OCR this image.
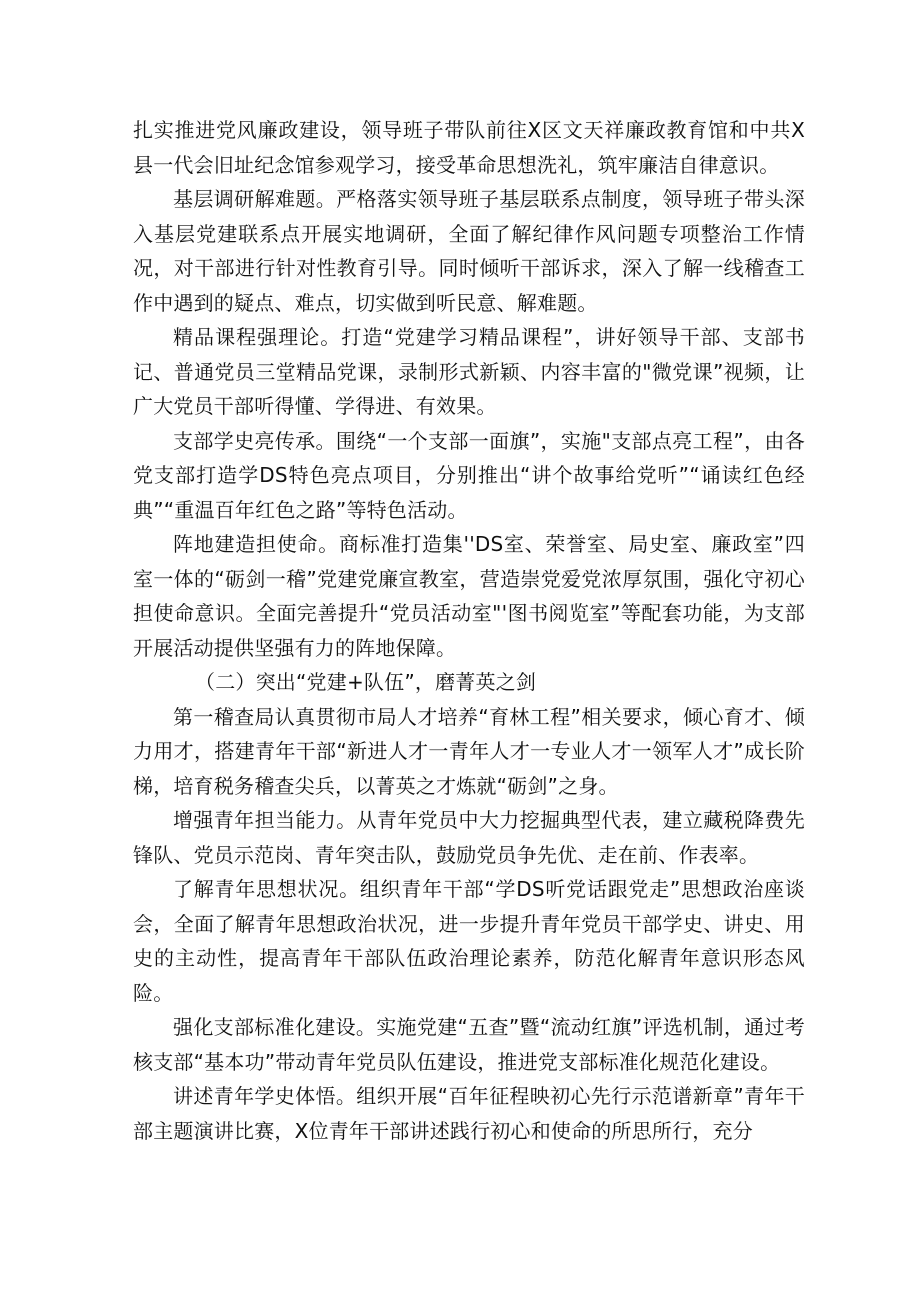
扎实推进党风廉政建设，领导班子带队前往X区文天祥廉政教育馆和中共X县一代会旧址纪念馆参观学习，接受革命思想洗礼，筑牢廉洁自律意识。

基层调研解难题。严格落实领导班子基层联系点制度，领导班子带头深入基层党建联系点开展实地调研，全面了解纪律作风问题专项整治工作情况，对干部进行针对性教育引导。同时倾听干部诉求，深入了解一线稽查工作中遇到的疑点、难点，切实做到听民意、解难题。

精品课程强理论。打造“党建学习精品课程”，讲好领导干部、支部书记、普通党员三堂精品党课，录制形式新颖、内容丰富的"微党课”视频，让广大党员干部听得懂、学得进、有效果。

支部学史亮传承。围绕“一个支部一面旗”，实施"支部点亮工程”，由各党支部打造学DS特色亮点项目，分别推出“讲个故事给党听”“诵读红色经典”“重温百年红色之路”等特色活动。

阵地建造担使命。商标准打造集''DS室、荣誉室、局史室、廉政室”四室一体的“砺剑一稽”党建党廉宣教室，营造崇党爱党浓厚氛围，强化守初心担使命意识。全面完善提升“党员活动室"'图书阅览室”等配套功能，为支部开展活动提供坚强有力的阵地保障。

（二）突出“党建+队伍”，磨菁英之剑

第一稽查局认真贯彻市局人才培养“育林工程”相关要求，倾心育才、倾力用才，搭建青年干部“新进人才一青年人才一专业人才一领军人才”成长阶梯，培育税务稽查尖兵，以菁英之才炼就“砺剑”之身。

增强青年担当能力。从青年党员中大力挖掘典型代表，建立藏税降费先锋队、党员示范岗、青年突击队，鼓励党员争先优、走在前、作表率。

了解青年思想状况。组织青年干部“学DS听党话跟党走”思想政治座谈会，全面了解青年思想政治状况，进一步提升青年党员干部学史、讲史、用史的主动性，提高青年干部队伍政治理论素养，防范化解青年意识形态风险。

强化支部标准化建设。实施党建“五查”暨“流动红旗”评选机制，通过考核支部“基本功”带动青年党员队伍建设，推进党支部标准化规范化建设。

讲述青年学史体悟。组织开展“百年征程映初心先行示范谱新章”青年干部主题演讲比赛，X位青年干部讲述践行初心和使命的所思所行，充分
